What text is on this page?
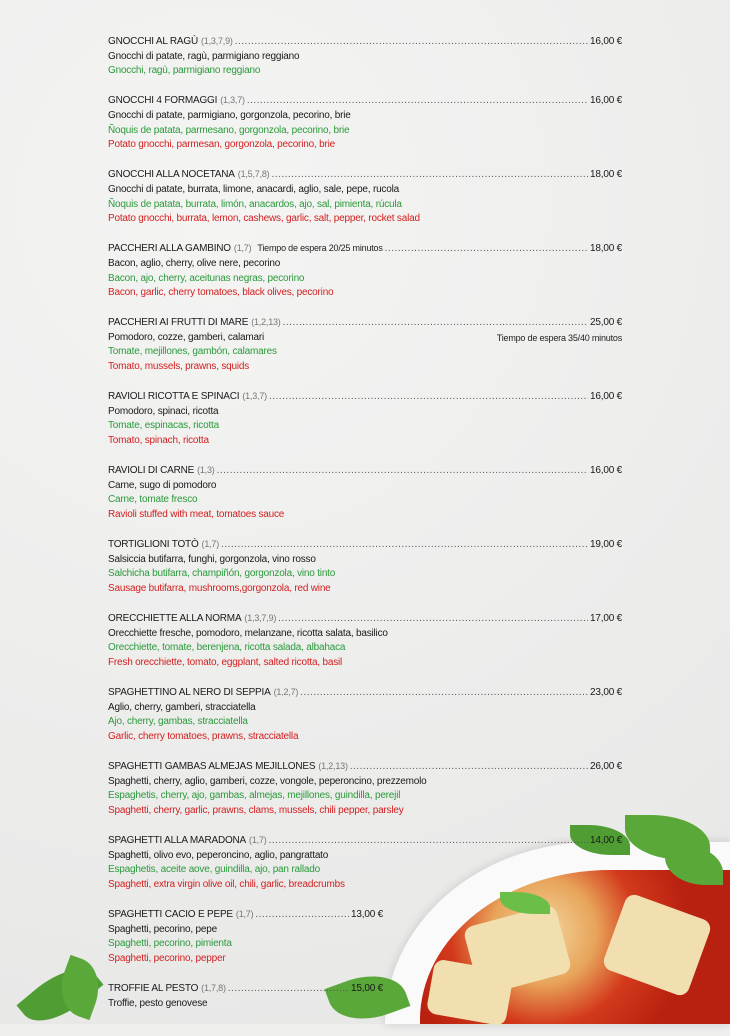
GNOCCHI AL RAGÙ (1,3,7,9) .....	16,00 €
Gnocchi di patate, ragù, parmigiano reggiano
Gnocchi, ragù, parmigiano reggiano
GNOCCHI 4 FORMAGGI (1,3,7) .....	16,00 €
Gnocchi di patate, parmigiano, gorgonzola, pecorino, brie
Ñoquis de patata, parmesano, gorgonzola, pecorino, brie
Potato gnocchi, parmesan, gorgonzola, pecorino, brie
GNOCCHI ALLA NOCETANA (1,5,7,8) .....	18,00 €
Gnocchi di patate, burrata, limone, anacardi, aglio, sale, pepe, rucola
Ñoquis de patata, burrata, limón, anacardos, ajo, sal, pimienta, rúcula
Potato gnocchi, burrata, lemon, cashews, garlic, salt, pepper, rocket salad
PACCHERI ALLA GAMBINO (1,7) Tiempo de espera 20/25 minutos .....	18,00 €
Bacon, aglio, cherry, olive nere, pecorino
Bacon, ajo, cherry, aceitunas negras, pecorino
Bacon, garlic, cherry tomatoes, black olives, pecorino
PACCHERI AI FRUTTI DI MARE (1,2,13) .....	25,00 €
Pomodoro, cozze, gamberi, calamari	Tiempo de espera 35/40 minutos
Tomate, mejillones, gambón, calamares
Tomato, mussels, prawns, squids
RAVIOLI RICOTTA E SPINACI (1,3,7) .....	16,00 €
Pomodoro, spinaci, ricotta
Tomate, espinacas, ricotta
Tomato, spinach, ricotta
RAVIOLI DI CARNE (1,3) .....	16,00 €
Carne, sugo di pomodoro
Carne, tomate fresco
Ravioli stuffed with meat, tomatoes sauce
TORTIGLIONI TOTÒ (1,7) .....	19,00 €
Salsiccia butifarra, funghi, gorgonzola, vino rosso
Salchicha butifarra, champiñón, gorgonzola, vino tinto
Sausage butifarra, mushrooms,gorgonzola, red wine
ORECCHIETTE ALLA NORMA (1,3,7,9) .....	17,00 €
Orecchiette fresche, pomodoro, melanzane, ricotta salata, basilico
Orecchiette, tomate, berenjena, ricotta salada, albahaca
Fresh orecchiette, tomato, eggplant, salted ricotta, basil
SPAGHETTINO AL NERO DI SEPPIA (1,2,7) .....	23,00 €
Aglio, cherry, gamberi, stracciatella
Ajo, cherry, gambas, stracciatella
Garlic, cherry tomatoes, prawns, stracciatella
SPAGHETTI GAMBAS ALMEJAS MEJILLONES (1,2,13) .....	26,00 €
Spaghetti, cherry, aglio, gamberi, cozze, vongole, peperoncino, prezzemolo
Espaghetis, cherry, ajo, gambas, almejas, mejillones, guindilla, perejil
Spaghetti, cherry, garlic, prawns, clams, mussels, chili pepper, parsley
SPAGHETTI ALLA MARADONA (1,7) .....	14,00 €
Spaghetti, olivo evo, peperoncino, aglio, pangrattato
Espaghetis, aceite aove, guindilla, ajo, pan rallado
Spaghetti, extra virgin olive oil, chili, garlic, breadcrumbs
SPAGHETTI CACIO E PEPE (1,7) .....	13,00 €
Spaghetti, pecorino, pepe
Spaghetti, pecorino, pimienta
Spaghetti, pecorino, pepper
TROFFIE AL PESTO (1,7,8) .....	15,00 €
Troffie, pesto genovese
